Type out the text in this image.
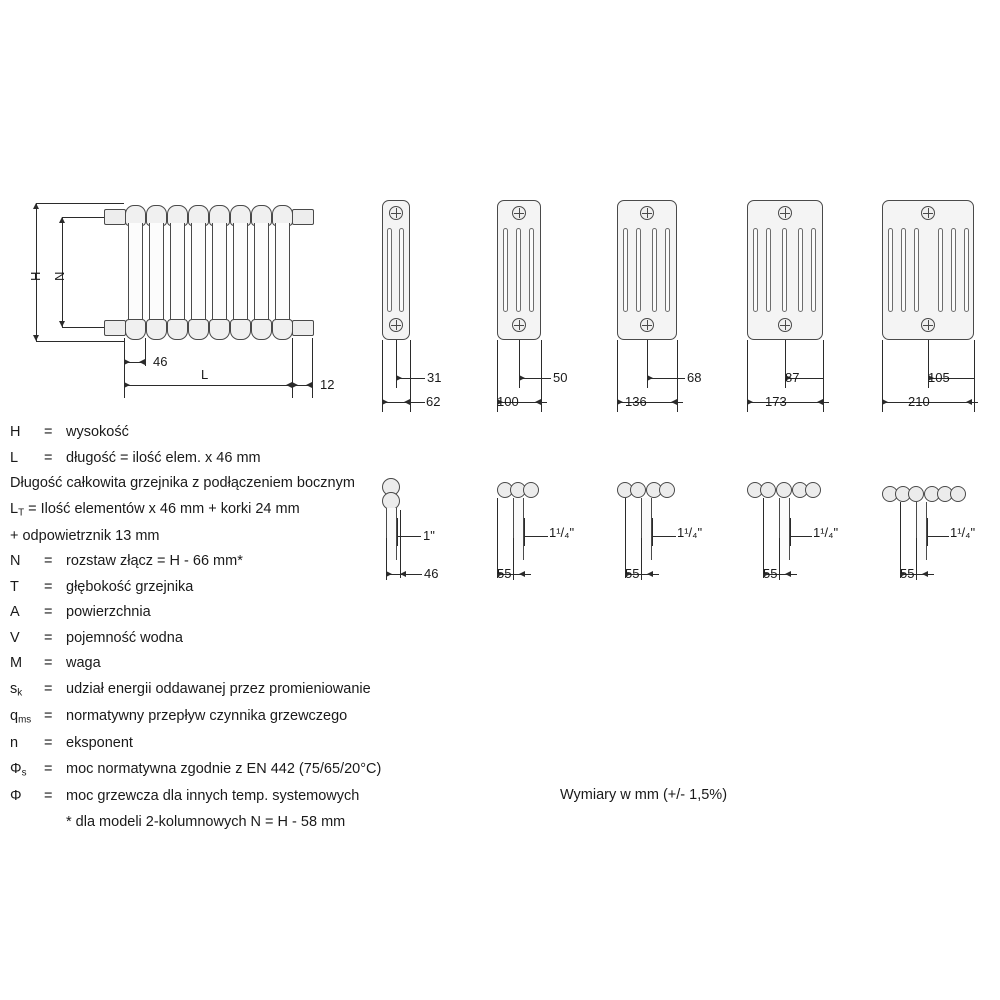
H N
46
L
12	31
62
50
100
68
136
87
173
105
210
1"
46
1¹/₄"
55
1¹/₄"
55
1¹/₄"
55
1¹/₄"
55
H	= wysokość
L	= długość = ilość elem. x 46 mm
Długość całkowita grzejnika z podłączeniem bocznym
$L_T$ = Ilość elementów x 46 mm + korki 24 mm
+ odpowietrznik 13 mm
N	= rozstaw złącz = H - 66 mm*
T	= głębokość grzejnika
A	= powierzchnia
V	= pojemność wodna
M	= waga
$s_k$	= udział energii oddawanej przez promieniowanie
$q_{ms}$ = normatywny przepływ czynnika grzewczego
n	= eksponent
$\Phi_s$	= moc normatywna zgodnie z EN 442 (75/65/20°C)
Φ	= moc grzewcza dla innych temp. systemowych
* dla modeli 2-kolumnowych N = H - 58 mm
Wymiary w mm (+/- 1,5%)
